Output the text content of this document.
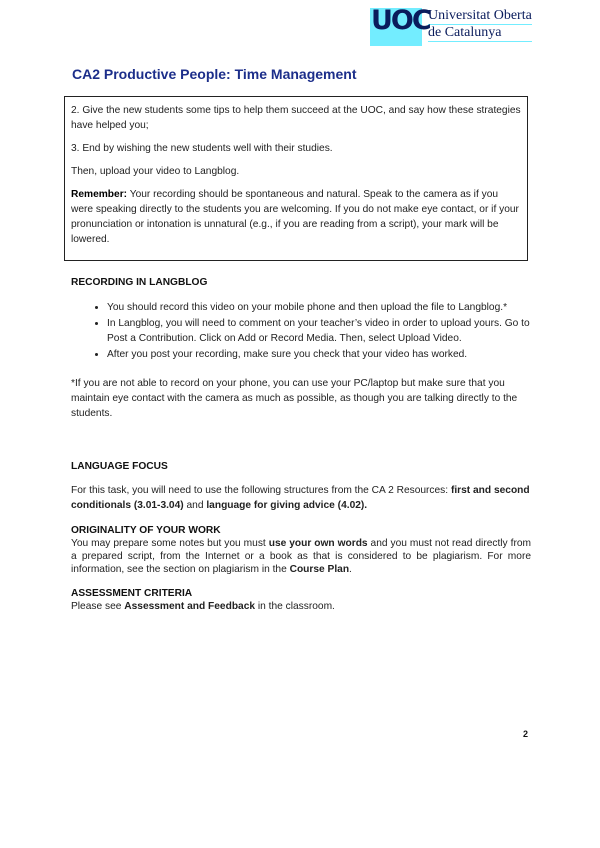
UOC
Universitat Oberta
de Catalunya
CA2 Productive People: Time Management

2. Give the new students some tips to help them succeed at the UOC, and say how these strategies have helped you;

3. End by wishing the new students well with their studies.

Then, upload your video to Langblog.

Remember: Your recording should be spontaneous and natural. Speak to the camera as if you were speaking directly to the students you are welcoming. If you do not make eye contact, or if your pronunciation or intonation is unnatural (e.g., if you are reading from a script), your mark will be lowered.

RECORDING IN LANGBLOG
• You should record this video on your mobile phone and then upload the file to Langblog.*
• In Langblog, you will need to comment on your teacher’s video in order to upload yours. Go to Post a Contribution. Click on Add or Record Media. Then, select Upload Video.
• After you post your recording, make sure you check that your video has worked.
*If you are not able to record on your phone, you can use your PC/laptop but make sure that you maintain eye contact with the camera as much as possible, as though you are talking directly to the students.
LANGUAGE FOCUS
For this task, you will need to use the following structures from the CA 2 Resources: first and second conditionals (3.01-3.04) and language for giving advice (4.02).
ORIGINALITY OF YOUR WORK
You may prepare some notes but you must use your own words and you must not read directly from a prepared script, from the Internet or a book as that is considered to be plagiarism. For more information, see the section on plagiarism in the Course Plan.
ASSESSMENT CRITERIA
Please see Assessment and Feedback in the classroom.
2
